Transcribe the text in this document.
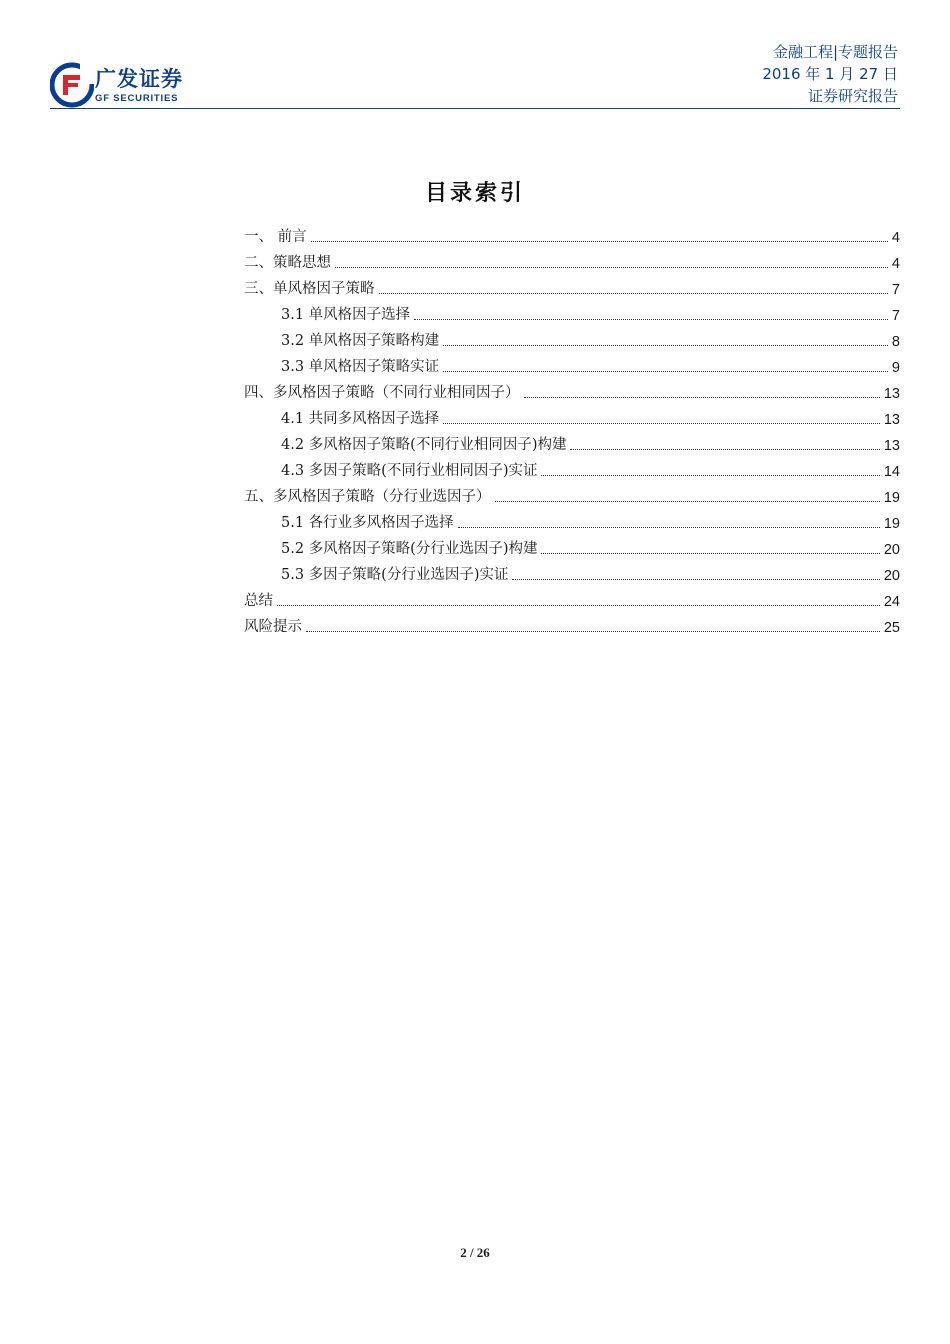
广发证券
GF SECURITIES
金融工程|专题报告
2016 年 1 月 27 日
证券研究报告
目录索引
一、 前言	4
二、策略思想	4
三、单风格因子策略	7
3.1 单风格因子选择	7
3.2 单风格因子策略构建	8
3.3 单风格因子策略实证	9
四、多风格因子策略（不同行业相同因子）	13
4.1 共同多风格因子选择	13
4.2 多风格因子策略(不同行业相同因子)构建	13
4.3 多因子策略(不同行业相同因子)实证	14
五、多风格因子策略（分行业选因子）	19
5.1 各行业多风格因子选择	19
5.2 多风格因子策略(分行业选因子)构建	20
5.3 多因子策略(分行业选因子)实证	20
总结	24
风险提示	25
2 / 26
